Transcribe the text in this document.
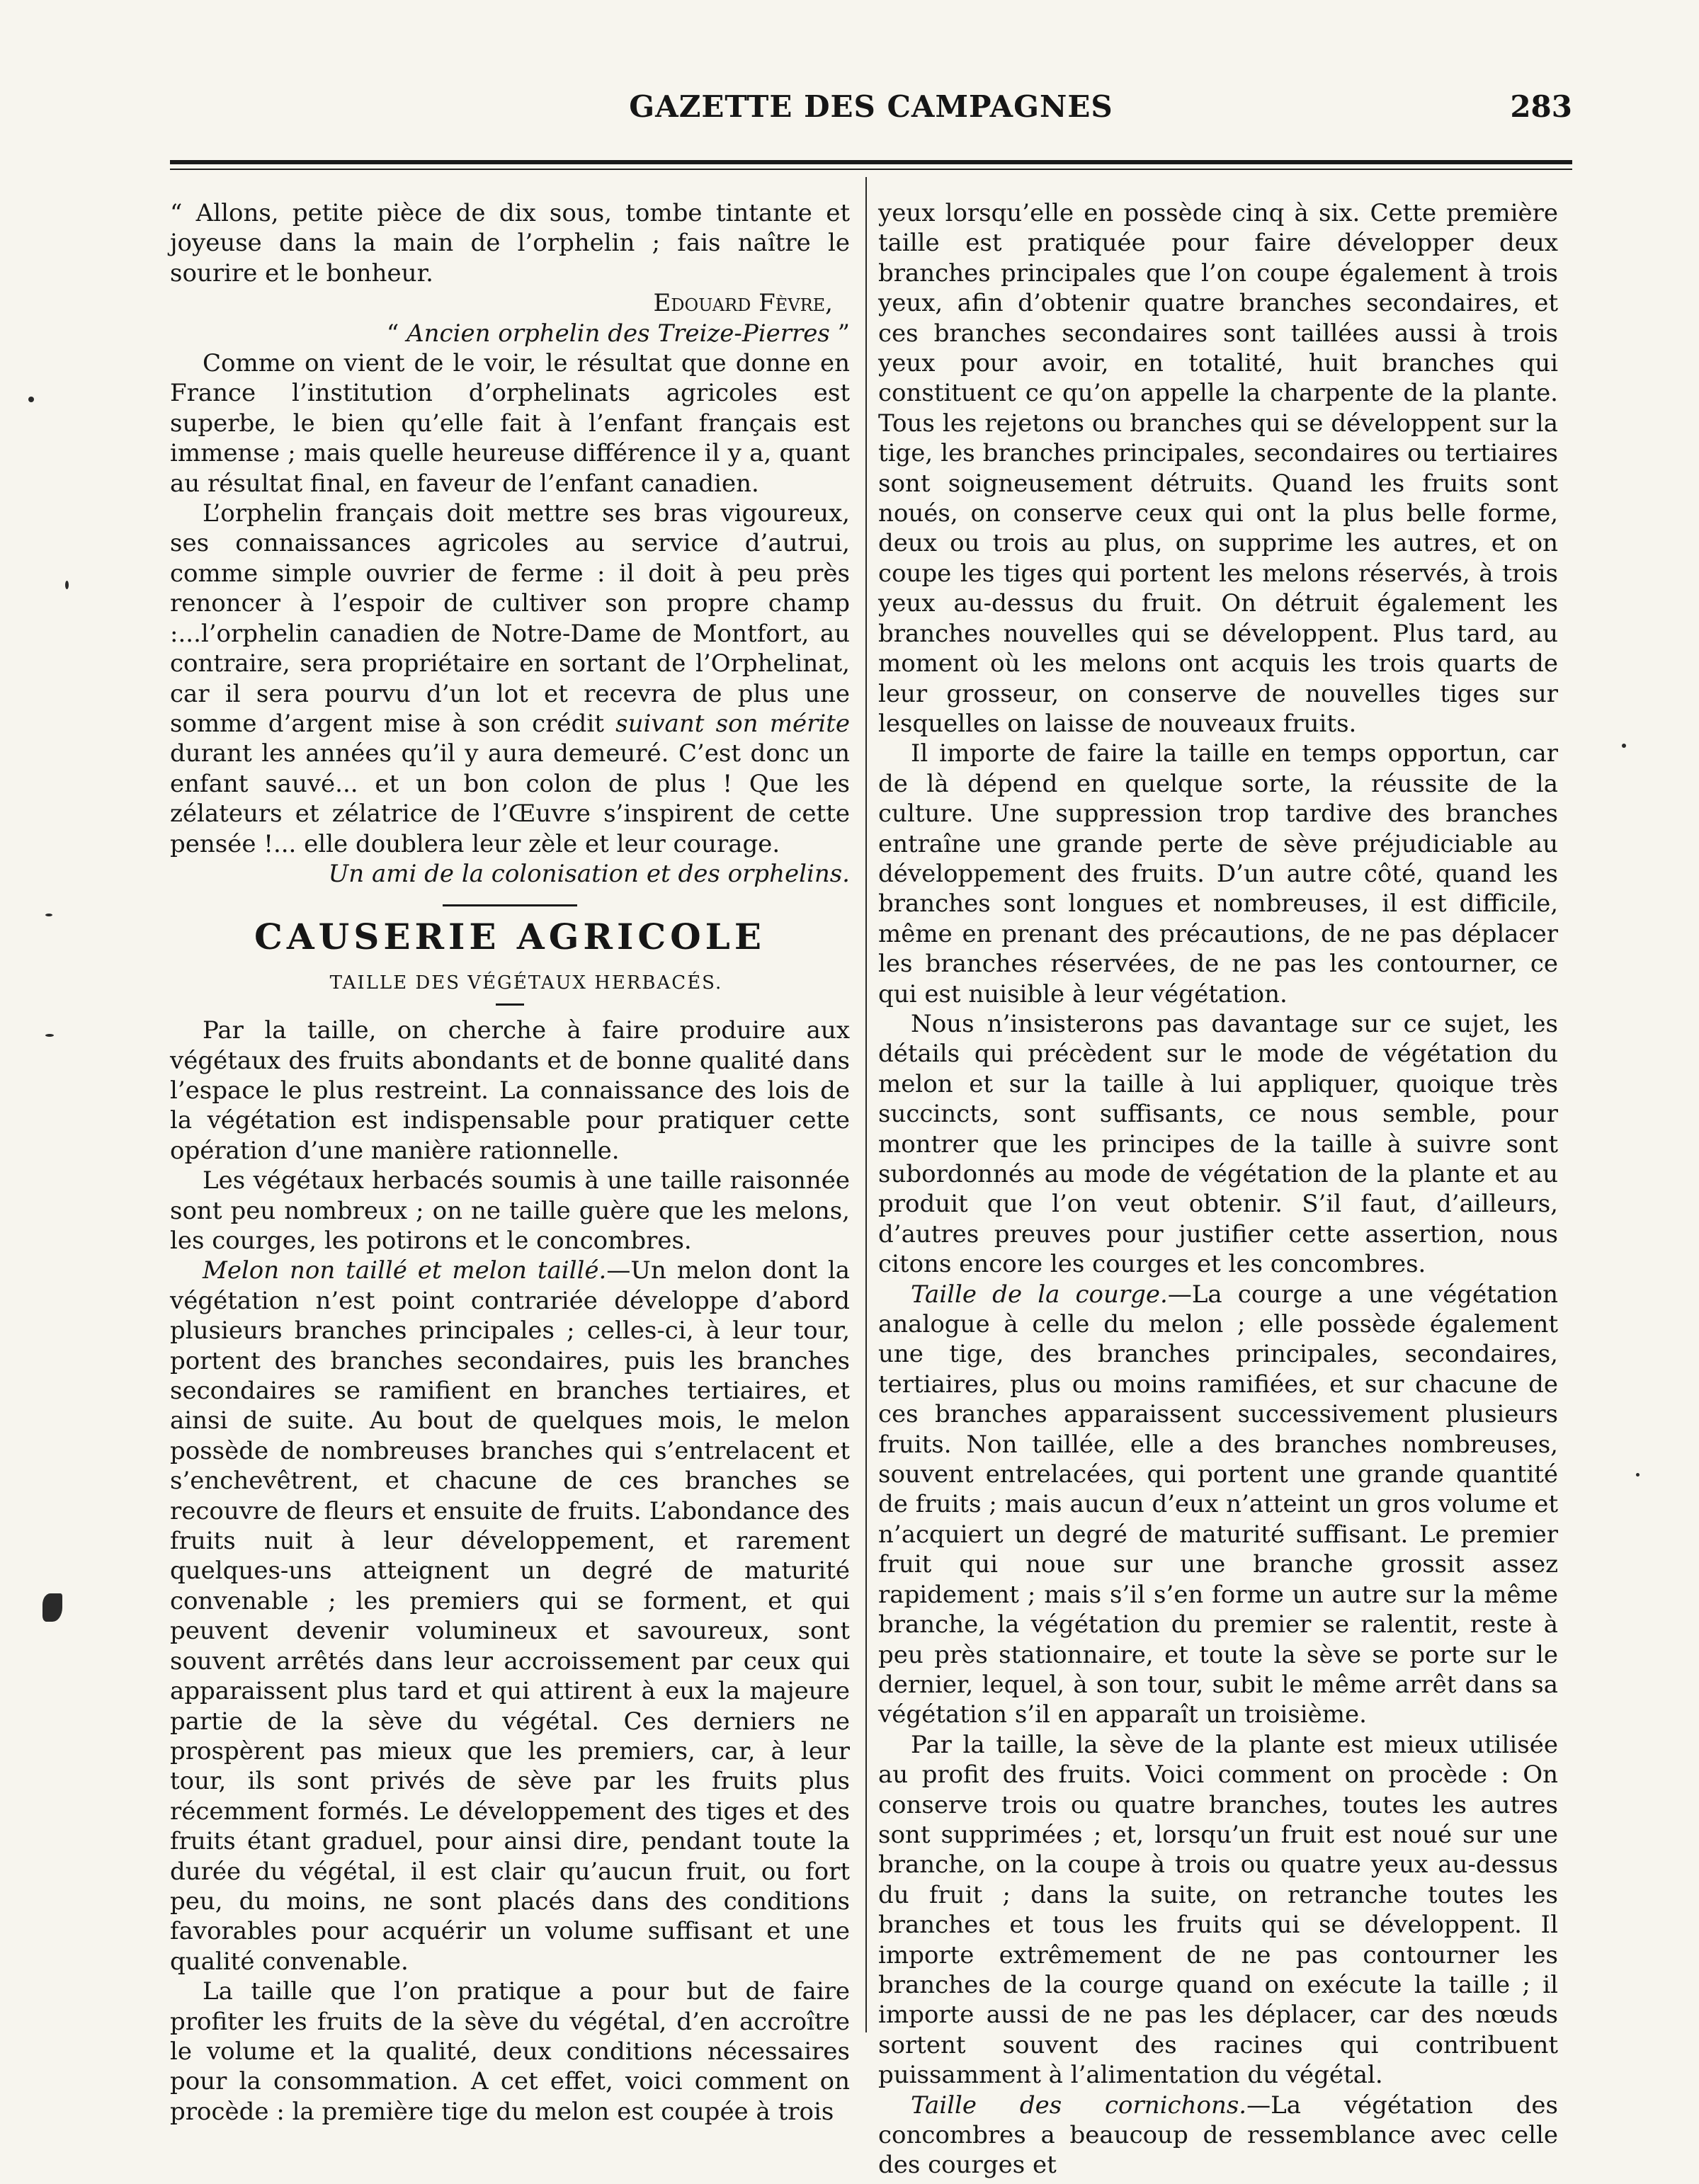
GAZETTE DES CAMPAGNES	283

“ Allons, petite pièce de dix sous, tombe tintante et joyeuse dans la main de l’orphelin ; fais naître le sourire et le bonheur.

Edouard Fèvre,

“ Ancien orphelin des Treize-Pierres ”

Comme on vient de le voir, le résultat que donne en France l’institution d’orphelinats agricoles est superbe, le bien qu’elle fait à l’enfant français est immense ; mais quelle heureuse différence il y a, quant au résultat final, en faveur de l’enfant canadien.

L’orphelin français doit mettre ses bras vigoureux, ses connaissances agricoles au service d’autrui, comme simple ouvrier de ferme : il doit à peu près renoncer à l’espoir de cultiver son propre champ :...l’orphelin canadien de Notre-Dame de Montfort, au contraire, sera propriétaire en sortant de l’Orphelinat, car il sera pourvu d’un lot et recevra de plus une somme d’argent mise à son crédit suivant son mérite durant les années qu’il y aura demeuré. C’est donc un enfant sauvé... et un bon colon de plus ! Que les zélateurs et zélatrice de l’Œuvre s’inspirent de cette pensée !... elle doublera leur zèle et leur courage.

Un ami de la colonisation et des orphelins.

CAUSERIE AGRICOLE

TAILLE DES VÉGÉTAUX HERBACÉS.

Par la taille, on cherche à faire produire aux végétaux des fruits abondants et de bonne qualité dans l’espace le plus restreint. La connaissance des lois de la végétation est indispensable pour pratiquer cette opération d’une manière rationnelle.

Les végétaux herbacés soumis à une taille raisonnée sont peu nombreux ; on ne taille guère que les melons, les courges, les potirons et le concombres.

Melon non taillé et melon taillé.—Un melon dont la végétation n’est point contrariée développe d’abord plusieurs branches principales ; celles-ci, à leur tour, portent des branches secondaires, puis les branches secondaires se ramifient en branches tertiaires, et ainsi de suite. Au bout de quelques mois, le melon possède de nombreuses branches qui s’entrelacent et s’enchevêtrent, et chacune de ces branches se recouvre de fleurs et ensuite de fruits. L’abondance des fruits nuit à leur développement, et rarement quelques-uns atteignent un degré de maturité convenable ; les premiers qui se forment, et qui peuvent devenir volumineux et savoureux, sont souvent arrêtés dans leur accroissement par ceux qui apparaissent plus tard et qui attirent à eux la majeure partie de la sève du végétal. Ces derniers ne prospèrent pas mieux que les premiers, car, à leur tour, ils sont privés de sève par les fruits plus récemment formés. Le développement des tiges et des fruits étant graduel, pour ainsi dire, pendant toute la durée du végétal, il est clair qu’aucun fruit, ou fort peu, du moins, ne sont placés dans des conditions favorables pour acquérir un volume suffisant et une qualité convenable.

La taille que l’on pratique a pour but de faire profiter les fruits de la sève du végétal, d’en accroître le volume et la qualité, deux conditions nécessaires pour la consommation. A cet effet, voici comment on procède : la première tige du melon est coupée à trois

yeux lorsqu’elle en possède cinq à six. Cette première taille est pratiquée pour faire développer deux branches principales que l’on coupe également à trois yeux, afin d’obtenir quatre branches secondaires, et ces branches secondaires sont taillées aussi à trois yeux pour avoir, en totalité, huit branches qui constituent ce qu’on appelle la charpente de la plante. Tous les rejetons ou branches qui se développent sur la tige, les branches principales, secondaires ou tertiaires sont soigneusement détruits. Quand les fruits sont noués, on conserve ceux qui ont la plus belle forme, deux ou trois au plus, on supprime les autres, et on coupe les tiges qui portent les melons réservés, à trois yeux au-dessus du fruit. On détruit également les branches nouvelles qui se développent. Plus tard, au moment où les melons ont acquis les trois quarts de leur grosseur, on conserve de nouvelles tiges sur lesquelles on laisse de nouveaux fruits.

Il importe de faire la taille en temps opportun, car de là dépend en quelque sorte, la réussite de la culture. Une suppression trop tardive des branches entraîne une grande perte de sève préjudiciable au développement des fruits. D’un autre côté, quand les branches sont longues et nombreuses, il est difficile, même en prenant des précautions, de ne pas déplacer les branches réservées, de ne pas les contourner, ce qui est nuisible à leur végétation.

Nous n’insisterons pas davantage sur ce sujet, les détails qui précèdent sur le mode de végétation du melon et sur la taille à lui appliquer, quoique très succincts, sont suffisants, ce nous semble, pour montrer que les principes de la taille à suivre sont subordonnés au mode de végétation de la plante et au produit que l’on veut obtenir. S’il faut, d’ailleurs, d’autres preuves pour justifier cette assertion, nous citons encore les courges et les concombres.

Taille de la courge.—La courge a une végétation analogue à celle du melon ; elle possède également une tige, des branches principales, secondaires, tertiaires, plus ou moins ramifiées, et sur chacune de ces branches apparaissent successivement plusieurs fruits. Non taillée, elle a des branches nombreuses, souvent entrelacées, qui portent une grande quantité de fruits ; mais aucun d’eux n’atteint un gros volume et n’acquiert un degré de maturité suffisant. Le premier fruit qui noue sur une branche grossit assez rapidement ; mais s’il s’en forme un autre sur la même branche, la végétation du premier se ralentit, reste à peu près stationnaire, et toute la sève se porte sur le dernier, lequel, à son tour, subit le même arrêt dans sa végétation s’il en apparaît un troisième.

Par la taille, la sève de la plante est mieux utilisée au profit des fruits. Voici comment on procède : On conserve trois ou quatre branches, toutes les autres sont supprimées ; et, lorsqu’un fruit est noué sur une branche, on la coupe à trois ou quatre yeux au-dessus du fruit ; dans la suite, on retranche toutes les branches et tous les fruits qui se développent. Il importe extrêmement de ne pas contourner les branches de la courge quand on exécute la taille ; il importe aussi de ne pas les déplacer, car des nœuds sortent souvent des racines qui contribuent puissamment à l’alimentation du végétal.

Taille des cornichons.—La végétation des concombres a beaucoup de ressemblance avec celle des courges et
